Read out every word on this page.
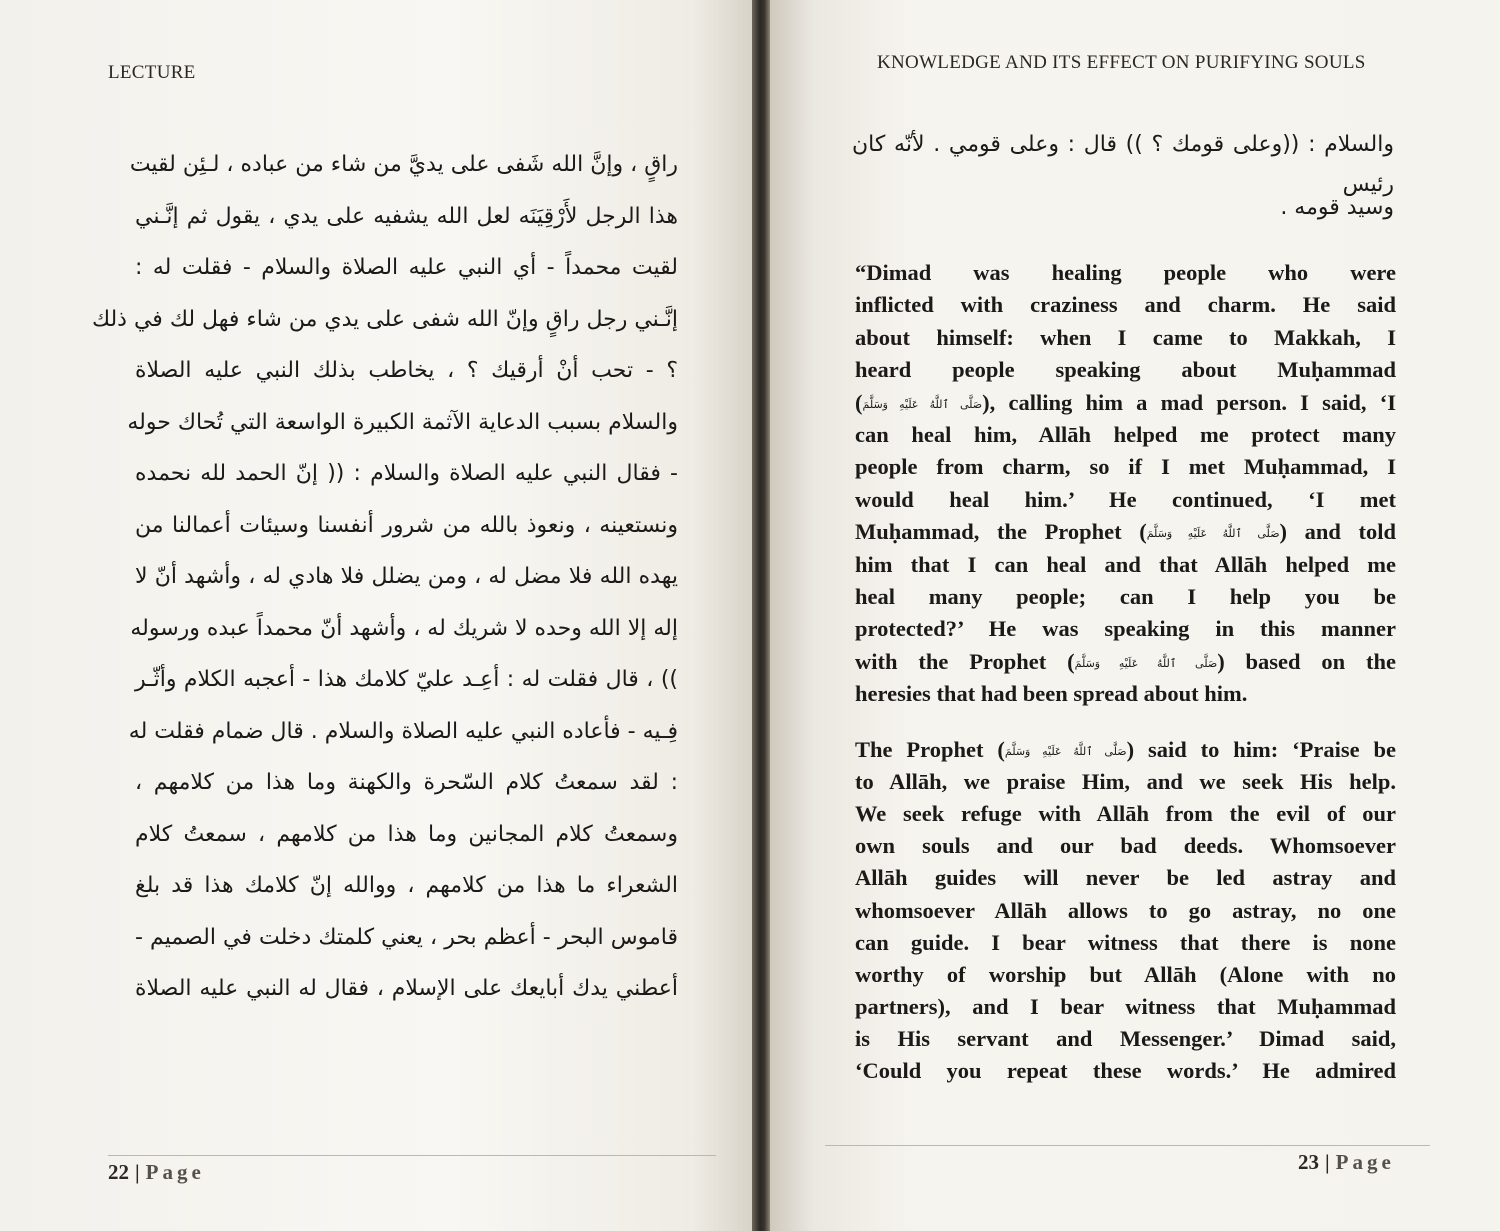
LECTURE	KNOWLEDGE AND ITS EFFECT ON PURIFYING SOULS
راقٍ ، وإنَّ الله شَفى على يديَّ من شاء من عباده ، لـئِن لقيت
هذا الرجل لأَرْقِيَنَه لعل الله يشفيه على يدي ، يقول ثم إنَّـني
لقيت محمداً - أي النبي عليه الصلاة والسلام - فقلت له :
إنَّـني رجل راقٍ وإنّ الله شفى على يدي من شاء فهل لك في ذلك
؟ - تحب أنْ أرقيك ؟ ، يخاطب بذلك النبي عليه الصلاة
والسلام بسبب الدعاية الآثمة الكبيرة الواسعة التي تُحاك حوله
- فقال النبي عليه الصلاة والسلام : (( إنّ الحمد لله نحمده
ونستعينه ، ونعوذ بالله من شرور أنفسنا وسيئات أعمالنا من
يهده الله فلا مضل له ، ومن يضلل فلا هادي له ، وأشهد أنّ لا
إله إلا الله وحده لا شريك له ، وأشهد أنّ محمداً عبده ورسوله
)) ، قال فقلت له : أعِـد عليّ كلامك هذا - أعجبه الكلام وأثّـر
فِـيه - فأعاده النبي عليه الصلاة والسلام . قال ضمام فقلت له
: لقد سمعتُ كلام السّحرة والكهنة وما هذا من كلامهم ،
وسمعتُ كلام المجانين وما هذا من كلامهم ، سمعتُ كلام
الشعراء ما هذا من كلامهم ، ووالله إنّ كلامك هذا قد بلغ
قاموس البحر - أعظم بحر ، يعني كلمتك دخلت في الصميم -
أعطني يدك أبايعك على الإسلام ، فقال له النبي عليه الصلاة
والسلام : ((وعلى قومك ؟ )) قال : وعلى قومي . لأنّه كان رئيس
وسيد قومه .
“Dimad was healing people who were
inflicted with craziness and charm. He said
about himself: when I came to Makkah, I
heard people speaking about Muḥammad
(صَلَّى ٱللَّهُ عَلَيْهِ وَسَلَّمَ), calling him a mad person. I said, ‘I
can heal him, Allāh helped me protect many
people from charm, so if I met Muḥammad, I
would heal him.’ He continued, ‘I met
Muḥammad, the Prophet (صَلَّى ٱللَّهُ عَلَيْهِ وَسَلَّمَ) and told
him that I can heal and that Allāh helped me
heal many people; can I help you be
protected?’ He was speaking in this manner
with the Prophet (صَلَّى ٱللَّهُ عَلَيْهِ وَسَلَّمَ) based on the
heresies that had been spread about him.
The Prophet (صَلَّى ٱللَّهُ عَلَيْهِ وَسَلَّمَ) said to him: ‘Praise be
to Allāh, we praise Him, and we seek His help.
We seek refuge with Allāh from the evil of our
own souls and our bad deeds. Whomsoever
Allāh guides will never be led astray and
whomsoever Allāh allows to go astray, no one
can guide. I bear witness that there is none
worthy of worship but Allāh (Alone with no
partners), and I bear witness that Muḥammad
is His servant and Messenger.’ Dimad said,
‘Could you repeat these words.’ He admired
22 | Page	23 | Page
